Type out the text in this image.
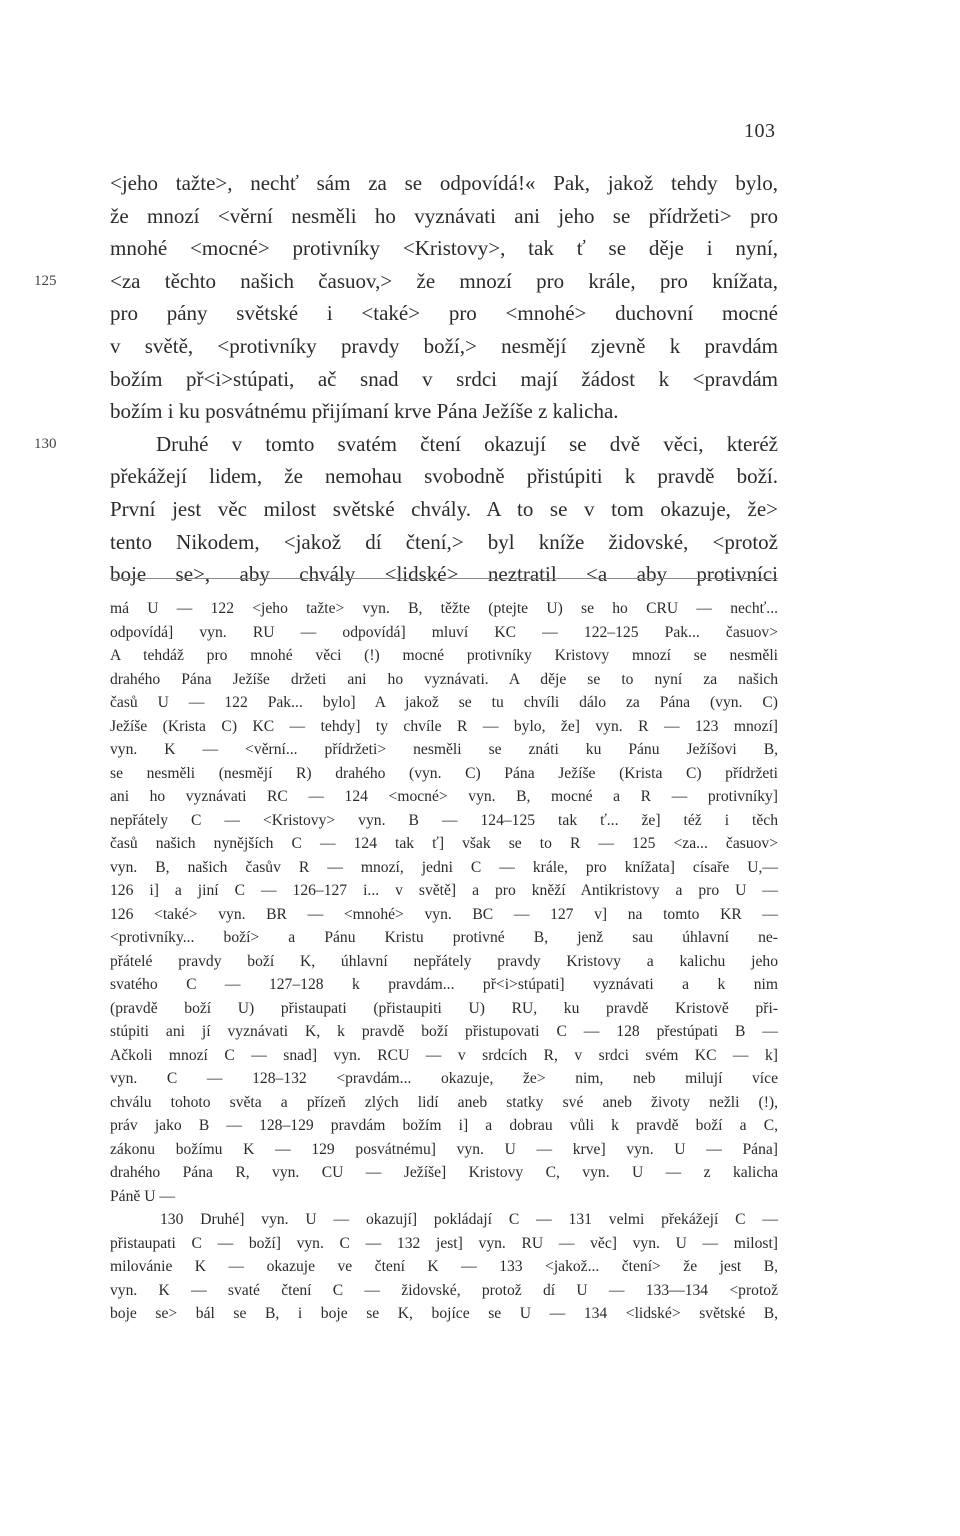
103
<jeho tažte>, nechť sám za se odpovídá!« Pak, jakož tehdy bylo,
že mnozí <věrní nesměli ho vyznávati ani jeho se přídržeti> pro
mnohé <mocné> protivníky <Kristovy>, tak ť se děje i nyní,
125	<za těchto našich časuov,> že mnozí pro krále, pro knížata,
pro pány světské i <také> pro <mnohé> duchovní mocné
v světě, <protivníky pravdy boží,> nesmějí zjevně k pravdám
božím př<i>stúpati, ač snad v srdci mají žádost k <pravdám
božím i ku posvátnému přijímaní krve Pána Ježíše z kalicha.
130	Druhé v tomto svatém čtení okazují se dvě věci, kteréž
překážejí lidem, že nemohau svobodně přistúpiti k pravdě boží.
První jest věc milost světské chvály. A to se v tom okazuje, že>
tento Nikodem, <jakož dí čtení,> byl kníže židovské, <protož
boje se>, aby chvály <lidské> neztratil <a aby protivníci
má U — 122 <jeho tažte> vyn. B, těžte (ptejte U) se ho CRU — nechť...
odpovídá] vyn. RU — odpovídá] mluví KC — 122–125 Pak... časuov>
A tehdáž pro mnohé věci (!) mocné protivníky Kristovy mnozí se nesměli
drahého Pána Ježíše držeti ani ho vyznávati. A děje se to nyní za našich
časů U — 122 Pak... bylo] A jakož se tu chvíli dálo za Pána (vyn. C)
Ježíše (Krista C) KC — tehdy] ty chvíle R — bylo, že] vyn. R — 123 mnozí]
vyn. K — <věrní... přídržeti> nesměli se znáti ku Pánu Ježíšovi B,
se nesměli (nesmějí R) drahého (vyn. C) Pána Ježíše (Krista C) přídržeti
ani ho vyznávati RC — 124 <mocné> vyn. B, mocné a R — protivníky]
nepřátely C — <Kristovy> vyn. B — 124–125 tak ť... že] též i těch
časů našich nynějších C — 124 tak ť] však se to R — 125 <za... časuov>
vyn. B, našich časův R — mnozí, jedni C — krále, pro knížata] císaře U,—
126 i] a jiní C — 126–127 i... v světě] a pro kněží Antikristovy a pro U —
126 <také> vyn. BR — <mnohé> vyn. BC — 127 v] na tomto KR —
<protivníky... boží> a Pánu Kristu protivné B, jenž sau úhlavní ne-
přátelé pravdy boží K, úhlavní nepřátely pravdy Kristovy a kalichu jeho
svatého C — 127–128 k pravdám... př<i>stúpati] vyznávati a k nim
(pravdě boží U) přistaupati (přistaupiti U) RU, ku pravdě Kristově při-
stúpiti ani jí vyznávati K, k pravdě boží přistupovati C — 128 přestúpati B —
Ačkoli mnozí C — snad] vyn. RCU — v srdcích R, v srdci svém KC — k]
vyn. C — 128–132 <pravdám... okazuje, že> nim, neb milují více
chválu tohoto světa a přízeň zlých lidí aneb statky své aneb životy nežli (!),
práv jako B — 128–129 pravdám božím i] a dobrau vůli k pravdě boží a C,
zákonu božímu K — 129 posvátnému] vyn. U — krve] vyn. U — Pána]
drahého Pána R, vyn. CU — Ježíše] Kristovy C, vyn. U — z kalicha
Páně U —
130 Druhé] vyn. U — okazují] pokládají C — 131 velmi překážejí C —
přistaupati C — boží] vyn. C — 132 jest] vyn. RU — věc] vyn. U — milost]
milovánie K — okazuje ve čtení K — 133 <jakož... čtení> že jest B,
vyn. K — svaté čtení C — židovské, protož dí U — 133—134 <protož
boje se> bál se B, i boje se K, bojíce se U — 134 <lidské> světské B,
